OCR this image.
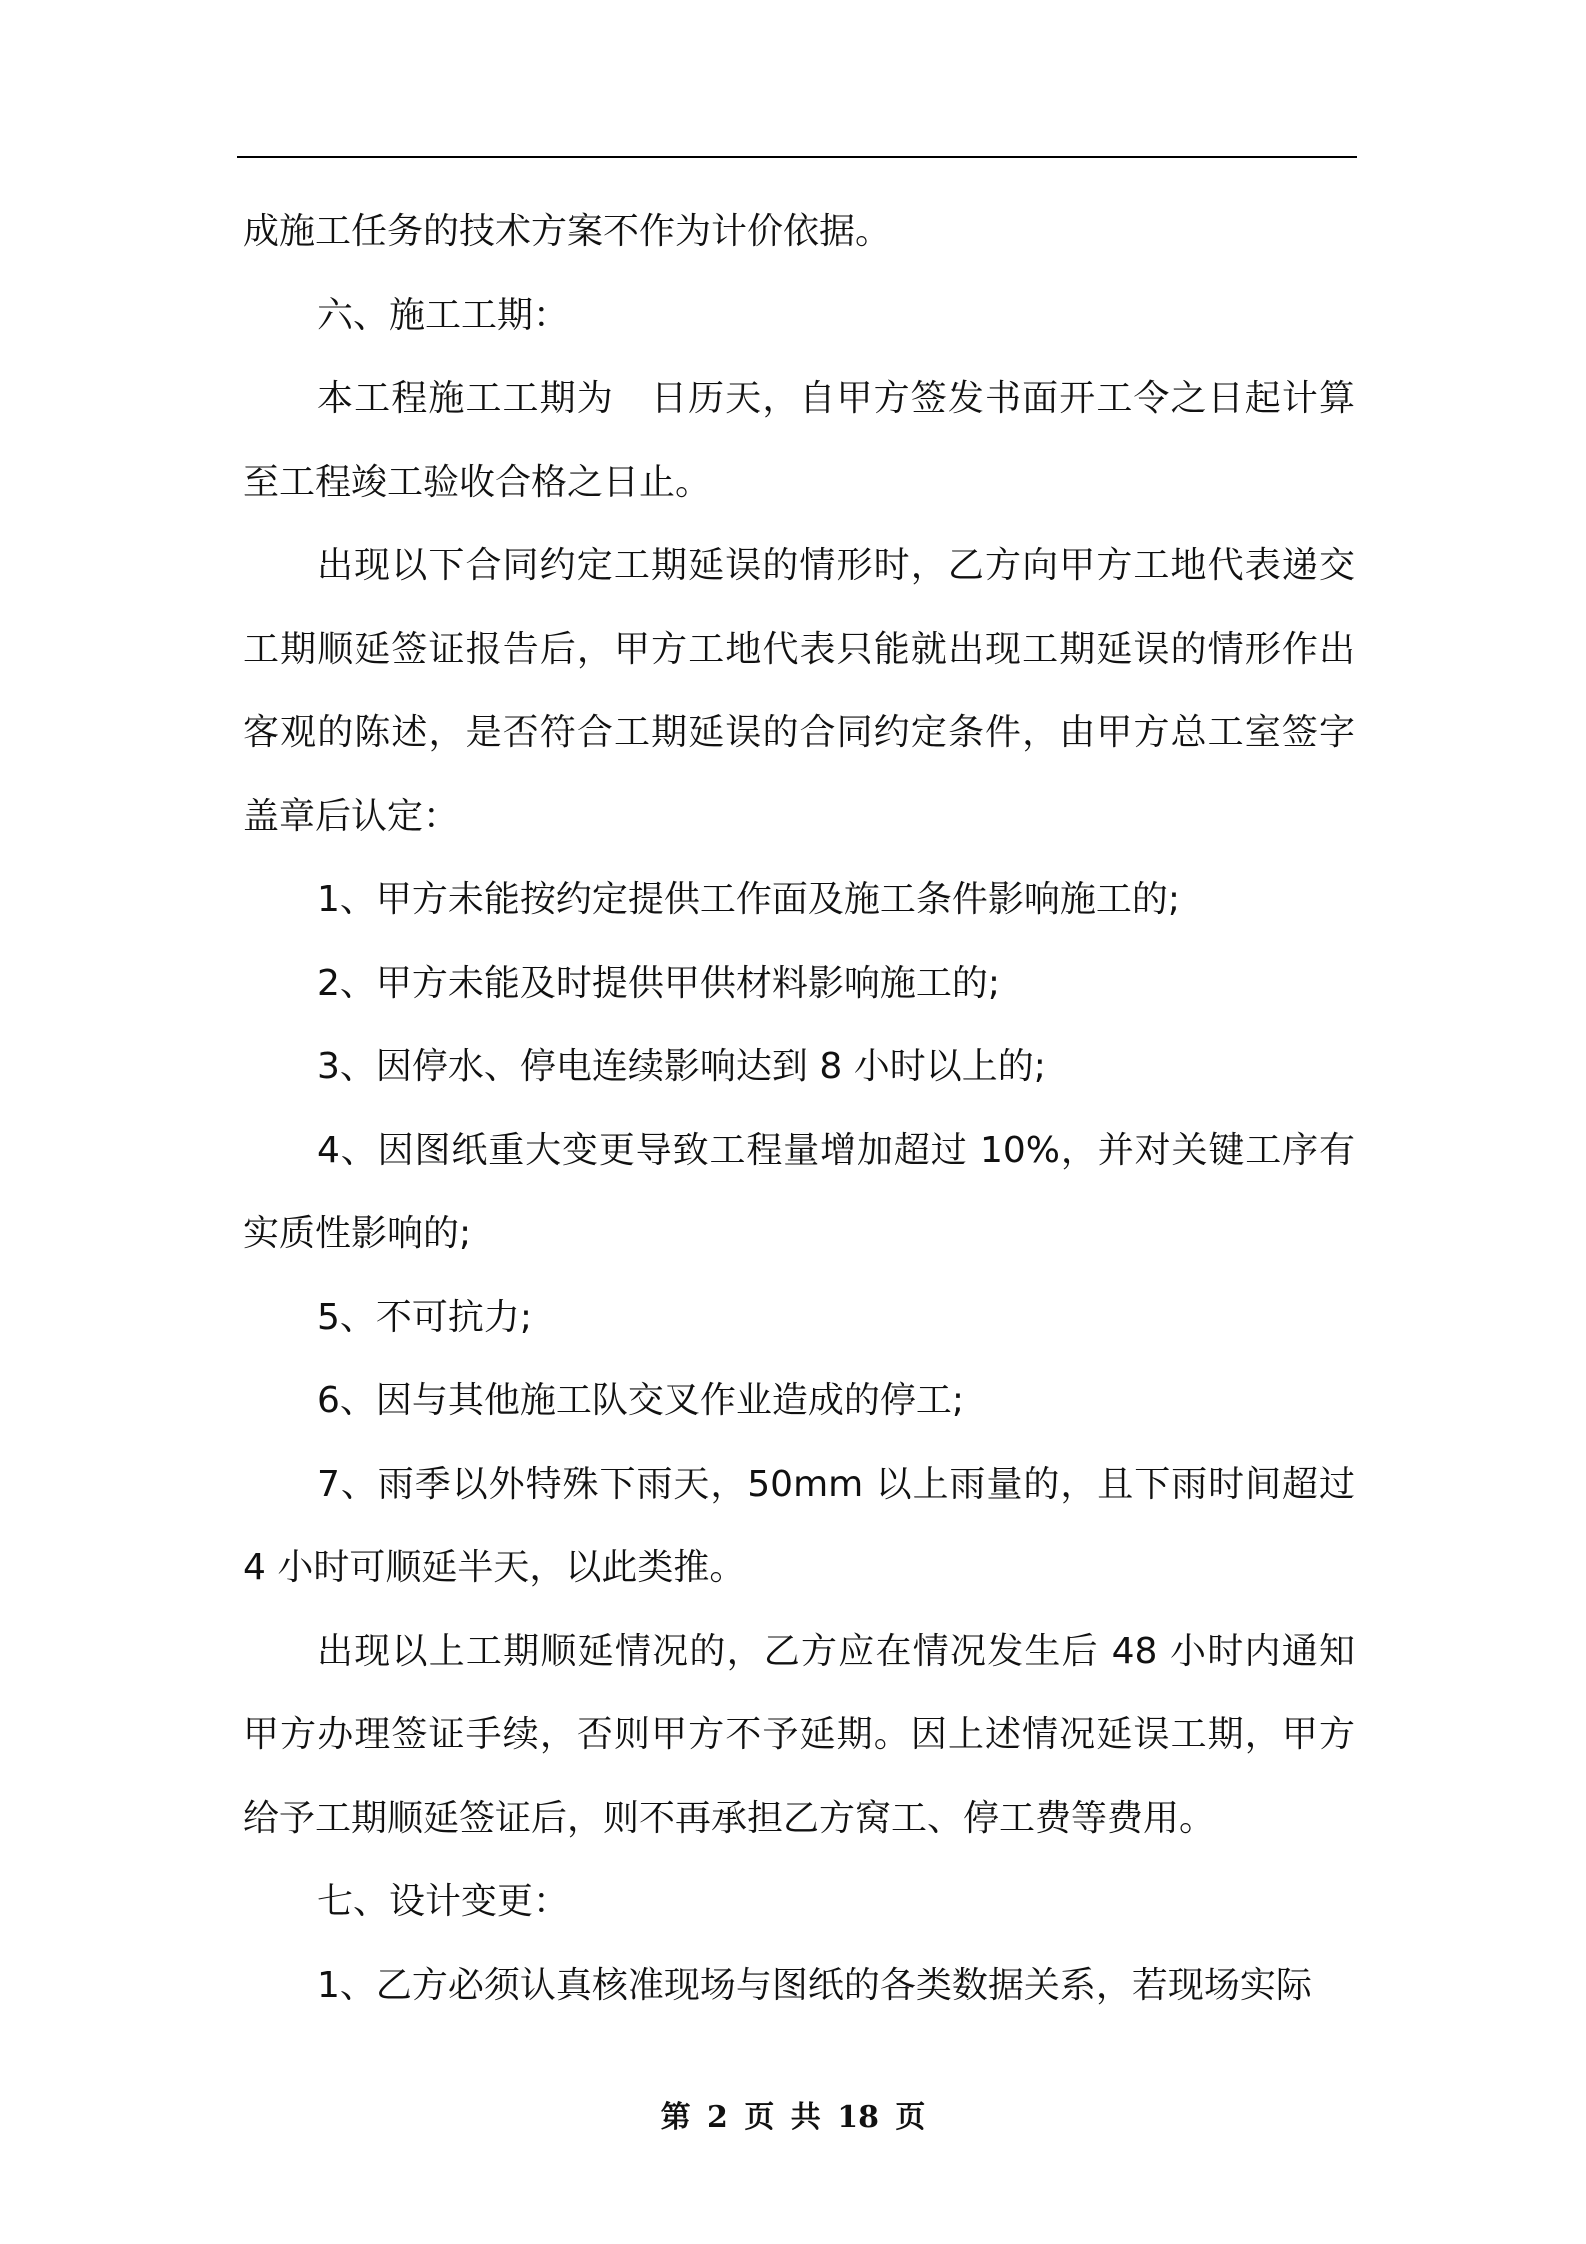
成施工任务的技术方案不作为计价依据。

六、施工工期：

本工程施工工期为　日历天，自甲方签发书面开工令之日起计算至工程竣工验收合格之日止。

出现以下合同约定工期延误的情形时，乙方向甲方工地代表递交工期顺延签证报告后，甲方工地代表只能就出现工期延误的情形作出客观的陈述，是否符合工期延误的合同约定条件，由甲方总工室签字盖章后认定：

1、甲方未能按约定提供工作面及施工条件影响施工的;

2、甲方未能及时提供甲供材料影响施工的;

3、因停水、停电连续影响达到 8 小时以上的;

4、因图纸重大变更导致工程量增加超过 10%，并对关键工序有实质性影响的;

5、不可抗力;

6、因与其他施工队交叉作业造成的停工;

7、雨季以外特殊下雨天，50mm 以上雨量的，且下雨时间超过 4 小时可顺延半天，以此类推。

出现以上工期顺延情况的，乙方应在情况发生后 48 小时内通知甲方办理签证手续，否则甲方不予延期。因上述情况延误工期，甲方给予工期顺延签证后，则不再承担乙方窝工、停工费等费用。

七、设计变更：

1、乙方必须认真核准现场与图纸的各类数据关系，若现场实际

第 2 页 共 18 页
